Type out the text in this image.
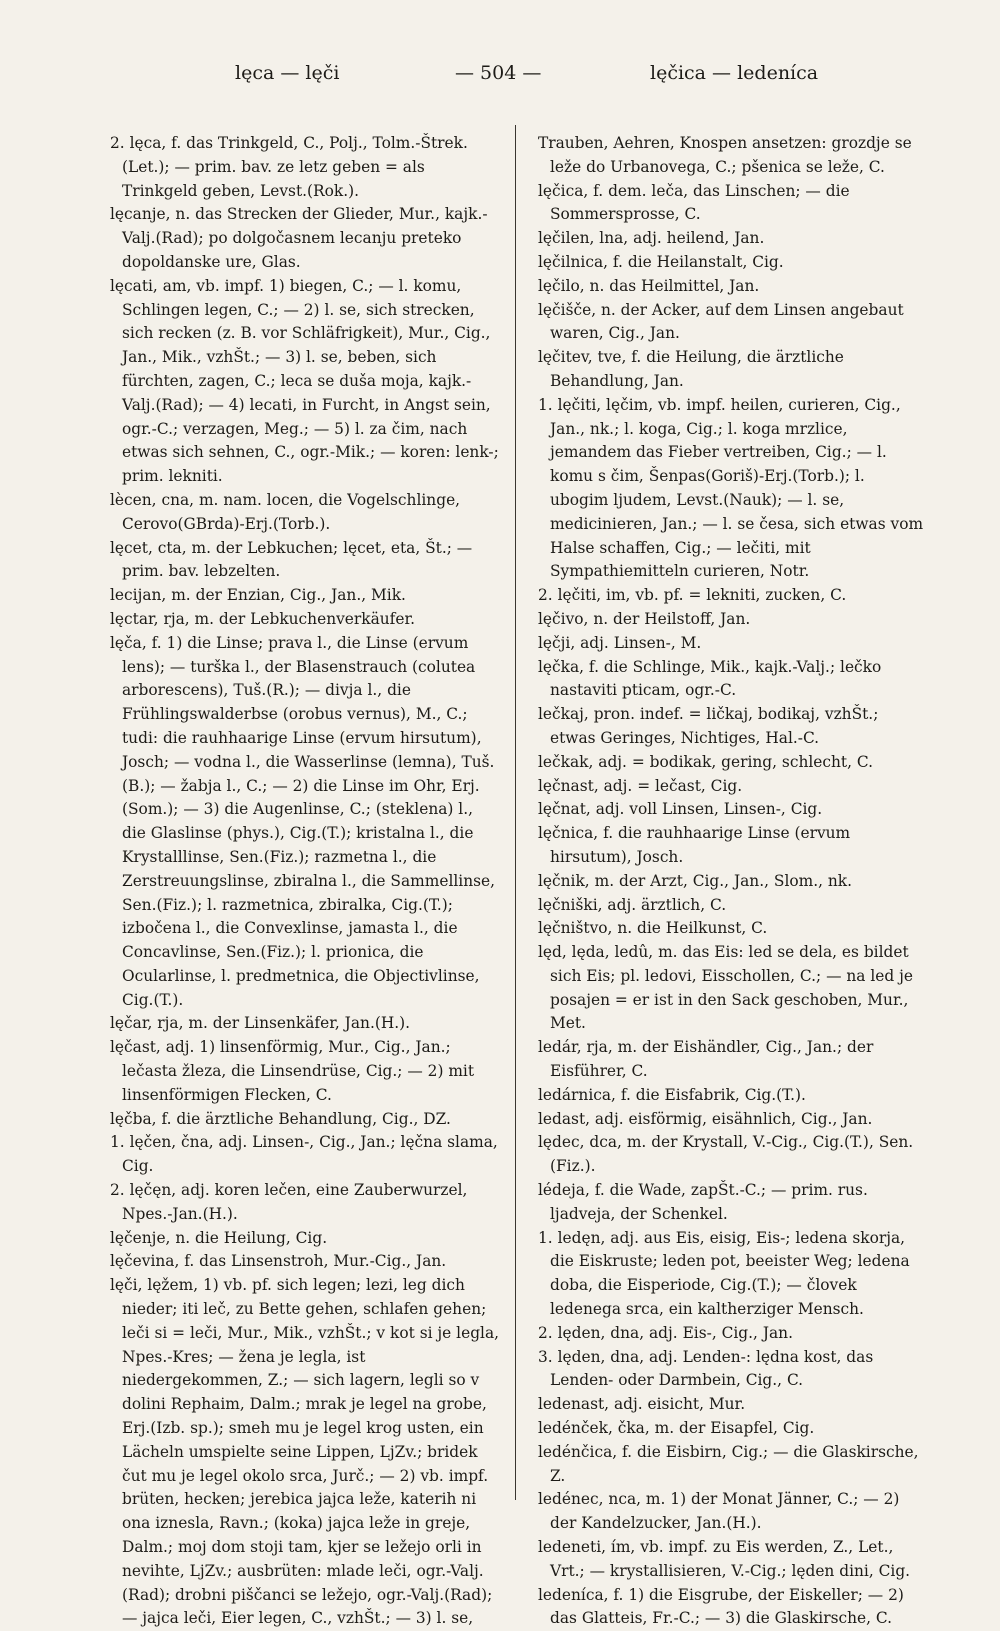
lęca — lęči	— 504 —	lęčica — ledeníca

2. lęca, f. das Trinkgeld, C., Polj., Tolm.-Štrek. (Let.); — prim. bav. ze letz geben = als Trinkgeld geben, Levst.(Rok.).

lęcanje, n. das Strecken der Glieder, Mur., kajk.-Valj.(Rad); po dolgočasnem lecanju preteko dopoldanske ure, Glas.

lęcati, am, vb. impf. 1) biegen, C.; — l. komu, Schlingen legen, C.; — 2) l. se, sich strecken, sich recken (z. B. vor Schläfrigkeit), Mur., Cig., Jan., Mik., vzhŠt.; — 3) l. se, beben, sich fürchten, zagen, C.; leca se duša moja, kajk.-Valj.(Rad); — 4) lecati, in Furcht, in Angst sein, ogr.-C.; verzagen, Meg.; — 5) l. za čim, nach etwas sich sehnen, C., ogr.-Mik.; — koren: lenk-; prim. lekniti.

lècen, cna, m. nam. locen, die Vogelschlinge, Cerovo(GBrda)-Erj.(Torb.).

lęcet, cta, m. der Lebkuchen; lęcet, eta, Št.; — prim. bav. lebzelten.

lecijan, m. der Enzian, Cig., Jan., Mik.

lęctar, rja, m. der Lebkuchenverkäufer.

lęča, f. 1) die Linse; prava l., die Linse (ervum lens); — turška l., der Blasenstrauch (colutea arborescens), Tuš.(R.); — divja l., die Frühlingswalderbse (orobus vernus), M., C.; tudi: die rauhhaarige Linse (ervum hirsutum), Josch; — vodna l., die Wasserlinse (lemna), Tuš.(B.); — žabja l., C.; — 2) die Linse im Ohr, Erj.(Som.); — 3) die Augenlinse, C.; (steklena) l., die Glaslinse (phys.), Cig.(T.); kristalna l., die Krystalllinse, Sen.(Fiz.); razmetna l., die Zerstreuungslinse, zbiralna l., die Sammellinse, Sen.(Fiz.); l. razmetnica, zbiralka, Cig.(T.); izbočena l., die Convexlinse, jamasta l., die Concavlinse, Sen.(Fiz.); l. prionica, die Ocularlinse, l. predmetnica, die Objectivlinse, Cig.(T.).

lęčar, rja, m. der Linsenkäfer, Jan.(H.).

lęčast, adj. 1) linsenförmig, Mur., Cig., Jan.; lečasta žleza, die Linsendrüse, Cig.; — 2) mit linsenförmigen Flecken, C.

lęčba, f. die ärztliche Behandlung, Cig., DZ.

1. lęčen, čna, adj. Linsen-, Cig., Jan.; lęčna slama, Cig.

2. lęčęn, adj. koren lečen, eine Zauberwurzel, Npes.-Jan.(H.).

lęčenje, n. die Heilung, Cig.

lęčevina, f. das Linsenstroh, Mur.-Cig., Jan.

lęči, lęžem, 1) vb. pf. sich legen; lezi, leg dich nieder; iti leč, zu Bette gehen, schlafen gehen; leči si = leči, Mur., Mik., vzhŠt.; v kot si je legla, Npes.-Kres; — žena je legla, ist niedergekommen, Z.; — sich lagern, legli so v dolini Rephaim, Dalm.; mrak je legel na grobe, Erj.(Izb. sp.); smeh mu je legel krog usten, ein Lächeln umspielte seine Lippen, LjZv.; bridek čut mu je legel okolo srca, Jurč.; — 2) vb. impf. brüten, hecken; jerebica jajca leže, katerih ni ona iznesla, Ravn.; (koka) jajca leže in greje, Dalm.; moj dom stoji tam, kjer se ležejo orli in nevihte, LjZv.; ausbrüten: mlade leči, ogr.-Valj.(Rad); drobni piščanci se ležejo, ogr.-Valj.(Rad); — jajca leči, Eier legen, C., vzhŠt.; — 3) l. se,

Trauben, Aehren, Knospen ansetzen: grozdje se leže do Urbanovega, C.; pšenica se leže, C.

lęčica, f. dem. leča, das Linschen; — die Sommersprosse, C.

lęčilen, lna, adj. heilend, Jan.

lęčilnica, f. die Heilanstalt, Cig.

lęčilo, n. das Heilmittel, Jan.

lęčišče, n. der Acker, auf dem Linsen angebaut waren, Cig., Jan.

lęčitev, tve, f. die Heilung, die ärztliche Behandlung, Jan.

1. lęčiti, lęčim, vb. impf. heilen, curieren, Cig., Jan., nk.; l. koga, Cig.; l. koga mrzlice, jemandem das Fieber vertreiben, Cig.; — l. komu s čim, Šenpas(Goriš)-Erj.(Torb.); l. ubogim ljudem, Levst.(Nauk); — l. se, medicinieren, Jan.; — l. se česa, sich etwas vom Halse schaffen, Cig.; — lečiti, mit Sympathiemitteln curieren, Notr.

2. lęčiti, im, vb. pf. = lekniti, zucken, C.

lęčivo, n. der Heilstoff, Jan.

lęčji, adj. Linsen-, M.

lęčka, f. die Schlinge, Mik., kajk.-Valj.; lečko nastaviti pticam, ogr.-C.

lečkaj, pron. indef. = ličkaj, bodikaj, vzhŠt.; etwas Geringes, Nichtiges, Hal.-C.

lečkak, adj. = bodikak, gering, schlecht, C.

lęčnast, adj. = lečast, Cig.

lęčnat, adj. voll Linsen, Linsen-, Cig.

lęčnica, f. die rauhhaarige Linse (ervum hirsutum), Josch.

lęčnik, m. der Arzt, Cig., Jan., Slom., nk.

lęčniški, adj. ärztlich, C.

lęčništvo, n. die Heilkunst, C.

lęd, lęda, ledû, m. das Eis: led se dela, es bildet sich Eis; pl. ledovi, Eisschollen, C.; — na led je posajen = er ist in den Sack geschoben, Mur., Met.

ledár, rja, m. der Eishändler, Cig., Jan.; der Eisführer, C.

ledárnica, f. die Eisfabrik, Cig.(T.).

ledast, adj. eisförmig, eisähnlich, Cig., Jan.

lędec, dca, m. der Krystall, V.-Cig., Cig.(T.), Sen.(Fiz.).

lédeja, f. die Wade, zapŠt.-C.; — prim. rus. ljadveja, der Schenkel.

1. ledęn, adj. aus Eis, eisig, Eis-; ledena skorja, die Eiskruste; leden pot, beeister Weg; ledena doba, die Eisperiode, Cig.(T.); — človek ledenega srca, ein kaltherziger Mensch.

2. lęden, dna, adj. Eis-, Cig., Jan.

3. lęden, dna, adj. Lenden-: lędna kost, das Lenden- oder Darmbein, Cig., C.

ledenast, adj. eisicht, Mur.

ledénček, čka, m. der Eisapfel, Cig.

ledénčica, f. die Eisbirn, Cig.; — die Glaskirsche, Z.

ledénec, nca, m. 1) der Monat Jänner, C.; — 2) der Kandelzucker, Jan.(H.).

ledeneti, ím, vb. impf. zu Eis werden, Z., Let., Vrt.; — krystallisieren, V.-Cig.; lęden dini, Cig.

ledeníca, f. 1) die Eisgrube, der Eiskeller; — 2) das Glatteis, Fr.-C.; — 3) die Glaskirsche, C.
